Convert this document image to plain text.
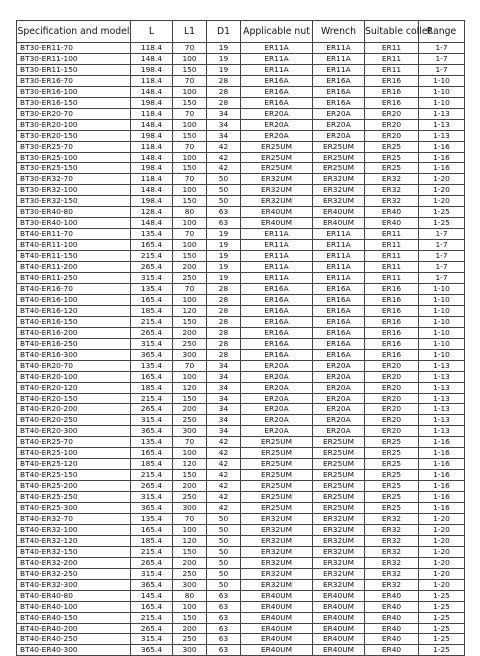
Specification and model	L	L1	D1	Applicable nut	Wrench	Suitable collet	Range
BT30-ER11-70	118.4	70	19	ER11A	ER11A	ER11	1-7
BT30-ER11-100	148.4	100	19	ER11A	ER11A	ER11	1-7
BT30-ER11-150	198.4	150	19	ER11A	ER11A	ER11	1-7
BT30-ER16-70	118.4	70	28	ER16A	ER16A	ER16	1-10
BT30-ER16-100	148.4	100	28	ER16A	ER16A	ER16	1-10
BT30-ER16-150	198.4	150	28	ER16A	ER16A	ER16	1-10
BT30-ER20-70	118.4	70	34	ER20A	ER20A	ER20	1-13
BT30-ER20-100	148.4	100	34	ER20A	ER20A	ER20	1-13
BT30-ER20-150	198.4	150	34	ER20A	ER20A	ER20	1-13
BT30-ER25-70	118.4	70	42	ER25UM	ER25UM	ER25	1-16
BT30-ER25-100	148.4	100	42	ER25UM	ER25UM	ER25	1-16
BT30-ER25-150	198.4	150	42	ER25UM	ER25UM	ER25	1-16
BT30-ER32-70	118.4	70	50	ER32UM	ER32UM	ER32	1-20
BT30-ER32-100	148.4	100	50	ER32UM	ER32UM	ER32	1-20
BT30-ER32-150	198.4	150	50	ER32UM	ER32UM	ER32	1-20
BT30-ER40-80	128.4	80	63	ER40UM	ER40UM	ER40	1-25
BT30-ER40-100	148.4	100	63	ER40UM	ER40UM	ER40	1-25
BT40-ER11-70	135.4	70	19	ER11A	ER11A	ER11	1-7
BT40-ER11-100	165.4	100	19	ER11A	ER11A	ER11	1-7
BT40-ER11-150	215.4	150	19	ER11A	ER11A	ER11	1-7
BT40-ER11-200	265.4	200	19	ER11A	ER11A	ER11	1-7
BT40-ER11-250	315.4	250	19	ER11A	ER11A	ER11	1-7
BT40-ER16-70	135.4	70	28	ER16A	ER16A	ER16	1-10
BT40-ER16-100	165.4	100	28	ER16A	ER16A	ER16	1-10
BT40-ER16-120	185.4	120	28	ER16A	ER16A	ER16	1-10
BT40-ER16-150	215.4	150	28	ER16A	ER16A	ER16	1-10
BT40-ER16-200	265.4	200	28	ER16A	ER16A	ER16	1-10
BT40-ER16-250	315.4	250	28	ER16A	ER16A	ER16	1-10
BT40-ER16-300	365.4	300	28	ER16A	ER16A	ER16	1-10
BT40-ER20-70	135.4	70	34	ER20A	ER20A	ER20	1-13
BT40-ER20-100	165.4	100	34	ER20A	ER20A	ER20	1-13
BT40-ER20-120	185.4	120	34	ER20A	ER20A	ER20	1-13
BT40-ER20-150	215.4	150	34	ER20A	ER20A	ER20	1-13
BT40-ER20-200	265.4	200	34	ER20A	ER20A	ER20	1-13
BT40-ER20-250	315.4	250	34	ER20A	ER20A	ER20	1-13
BT40-ER20-300	365.4	300	34	ER20A	ER20A	ER20	1-13
BT40-ER25-70	135.4	70	42	ER25UM	ER25UM	ER25	1-16
BT40-ER25-100	165.4	100	42	ER25UM	ER25UM	ER25	1-16
BT40-ER25-120	185.4	120	42	ER25UM	ER25UM	ER25	1-16
BT40-ER25-150	215.4	150	42	ER25UM	ER25UM	ER25	1-16
BT40-ER25-200	265.4	200	42	ER25UM	ER25UM	ER25	1-16
BT40-ER25-250	315.4	250	42	ER25UM	ER25UM	ER25	1-16
BT40-ER25-300	365.4	300	42	ER25UM	ER25UM	ER25	1-16
BT40-ER32-70	135.4	70	50	ER32UM	ER32UM	ER32	1-20
BT40-ER32-100	165.4	100	50	ER32UM	ER32UM	ER32	1-20
BT40-ER32-120	185.4	120	50	ER32UM	ER32UM	ER32	1-20
BT40-ER32-150	215.4	150	50	ER32UM	ER32UM	ER32	1-20
BT40-ER32-200	265.4	200	50	ER32UM	ER32UM	ER32	1-20
BT40-ER32-250	315.4	250	50	ER32UM	ER32UM	ER32	1-20
BT40-ER32-300	365.4	300	50	ER32UM	ER32UM	ER32	1-20
BT40-ER40-80	145.4	80	63	ER40UM	ER40UM	ER40	1-25
BT40-ER40-100	165.4	100	63	ER40UM	ER40UM	ER40	1-25
BT40-ER40-150	215.4	150	63	ER40UM	ER40UM	ER40	1-25
BT40-ER40-200	265.4	200	63	ER40UM	ER40UM	ER40	1-25
BT40-ER40-250	315.4	250	63	ER40UM	ER40UM	ER40	1-25
BT40-ER40-300	365.4	300	63	ER40UM	ER40UM	ER40	1-25
